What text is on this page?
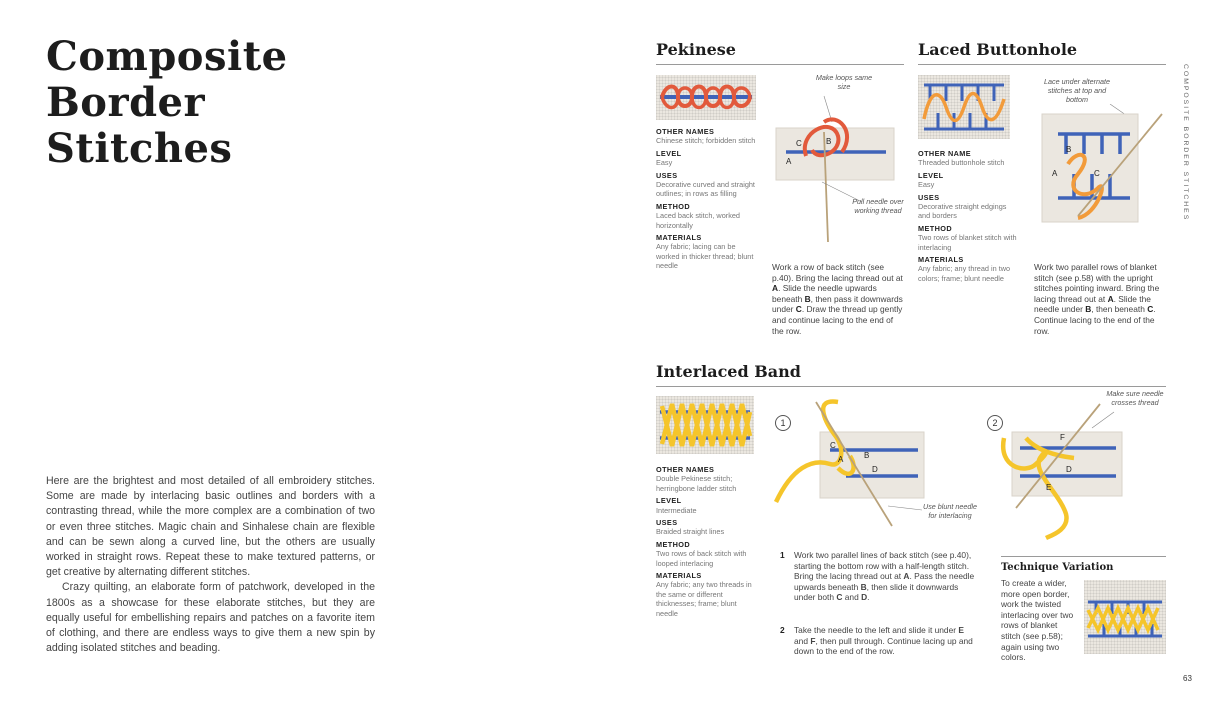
Composite
Border
Stitches

Here are the brightest and most detailed of all embroidery stitches. Some are made by interlacing basic outlines and borders with a contrasting thread, while the more complex are a combination of two or even three stitches. Magic chain and Sinhalese chain are flexible and can be sewn along a curved line, but the others are usually worked in straight rows. Repeat these to make textured patterns, or get creative by alternating different stitches.

Crazy quilting, an elaborate form of patchwork, developed in the 1800s as a showcase for these elaborate stitches, but they are equally useful for embellishing repairs and patches on a favorite item of clothing, and there are endless ways to give them a new spin by adding isolated stitches and beading.

Pekinese
OTHER NAMES
Chinese stitch; forbidden stitch
LEVEL
Easy
USES
Decorative curved and straight outlines; in rows as filling
METHOD
Laced back stitch, worked horizontally
MATERIALS
Any fabric; lacing can be worked in thicker thread; blunt needle
Make loops same size
C	B
A
Pull needle over working thread
Work a row of back stitch (see p.40). Bring the lacing thread out at A. Slide the needle upwards beneath B, then pass it downwards under C. Draw the thread up gently and continue lacing to the end of the row.
Laced Buttonhole
OTHER NAME
Threaded buttonhole stitch
LEVEL
Easy
USES
Decorative straight edgings and borders
METHOD
Two rows of blanket stitch with interlacing
MATERIALS
Any fabric; any thread in two colors; frame; blunt needle
Lace under alternate stitches at top and bottom
B
A	C
Work two parallel rows of blanket stitch (see p.58) with the upright stitches pointing inward. Bring the lacing thread out at A. Slide the needle under B, then beneath C. Continue lacing to the end of the row.
COMPOSITE BORDER STITCHES
Interlaced Band
OTHER NAMES
Double Pekinese stitch; herringbone ladder stitch
LEVEL
Intermediate
USES
Braided straight lines
METHOD
Two rows of back stitch with looped interlacing
MATERIALS
Any fabric; any two threads in the same or different thicknesses; frame; blunt needle
1
C
B
A
D
Use blunt needle for interlacing
2
Make sure needle crosses thread
F
D
E
1	Work two parallel lines of back stitch (see p.40), starting the bottom row with a half-length stitch. Bring the lacing thread out at A. Pass the needle upwards beneath B, then slide it downwards under both C and D.
2	Take the needle to the left and slide it under E and F, then pull through. Continue lacing up and down to the end of the row.
Technique Variation
To create a wider, more open border, work the twisted interlacing over two rows of blanket stitch (see p.58); again using two colors.
63
